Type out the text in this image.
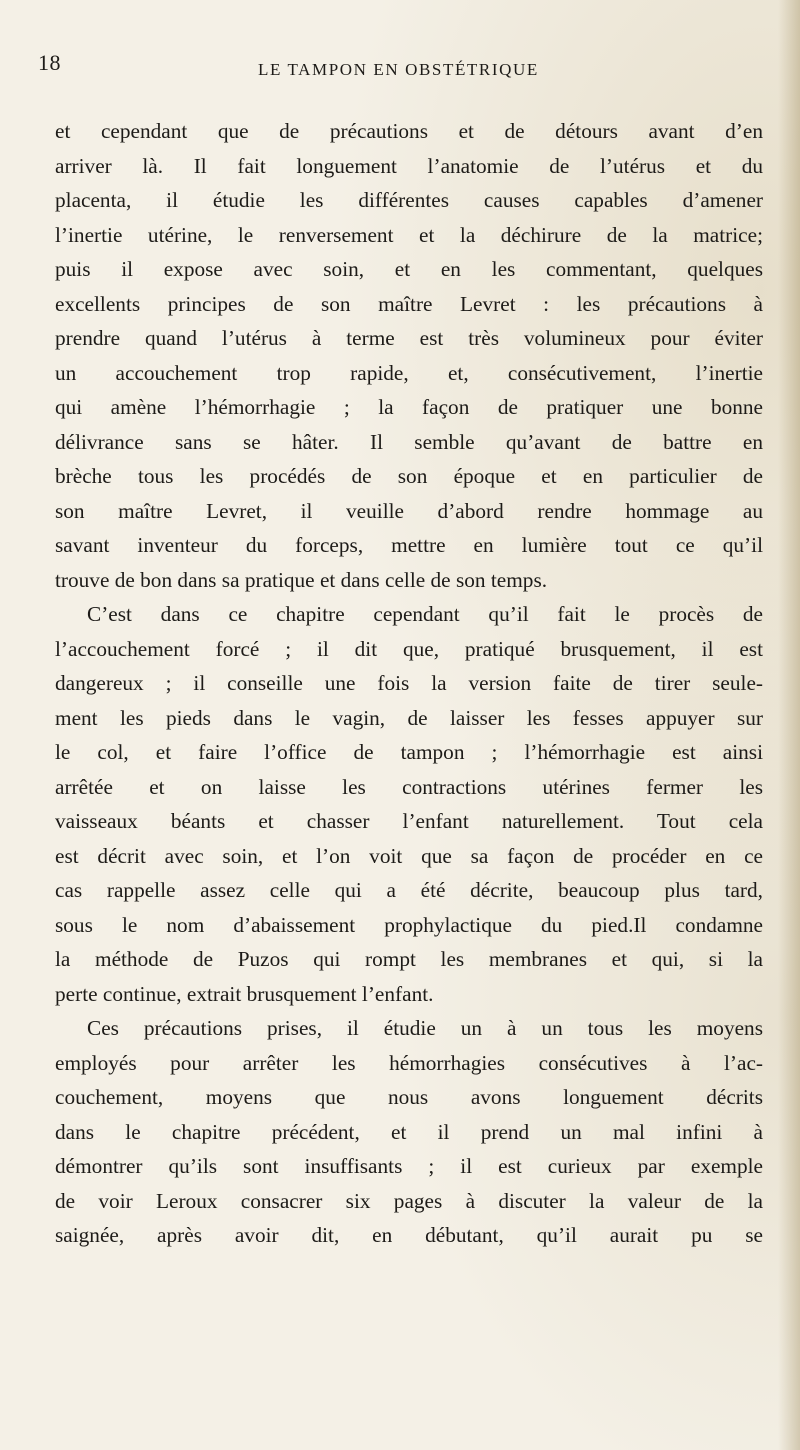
18	LE TAMPON EN OBSTÉTRIQUE
et cependant que de précautions et de détours avant d’en
arriver là. Il fait longuement l’anatomie de l’utérus et du
placenta, il étudie les différentes causes capables d’amener
l’inertie utérine, le renversement et la déchirure de la matrice;
puis il expose avec soin, et en les commentant, quelques
excellents principes de son maître Levret : les précautions à
prendre quand l’utérus à terme est très volumineux pour éviter
un accouchement trop rapide, et, consécutivement, l’inertie
qui amène l’hémorrhagie ; la façon de pratiquer une bonne
délivrance sans se hâter. Il semble qu’avant de battre en
brèche tous les procédés de son époque et en particulier de
son maître Levret, il veuille d’abord rendre hommage au
savant inventeur du forceps, mettre en lumière tout ce qu’il
trouve de bon dans sa pratique et dans celle de son temps.
C’est dans ce chapitre cependant qu’il fait le procès de
l’accouchement forcé ; il dit que, pratiqué brusquement, il est
dangereux ; il conseille une fois la version faite de tirer seule-
ment les pieds dans le vagin, de laisser les fesses appuyer sur
le col, et faire l’office de tampon ; l’hémorrhagie est ainsi
arrêtée et on laisse les contractions utérines fermer les
vaisseaux béants et chasser l’enfant naturellement. Tout cela
est décrit avec soin, et l’on voit que sa façon de procéder en ce
cas rappelle assez celle qui a été décrite, beaucoup plus tard,
sous le nom d’abaissement prophylactique du pied.Il condamne
la méthode de Puzos qui rompt les membranes et qui, si la
perte continue, extrait brusquement l’enfant.
Ces précautions prises, il étudie un à un tous les moyens
employés pour arrêter les hémorrhagies consécutives à l’ac-
couchement, moyens que nous avons longuement décrits
dans le chapitre précédent, et il prend un mal infini à
démontrer qu’ils sont insuffisants ; il est curieux par exemple
de voir Leroux consacrer six pages à discuter la valeur de la
saignée, après avoir dit, en débutant, qu’il aurait pu se
